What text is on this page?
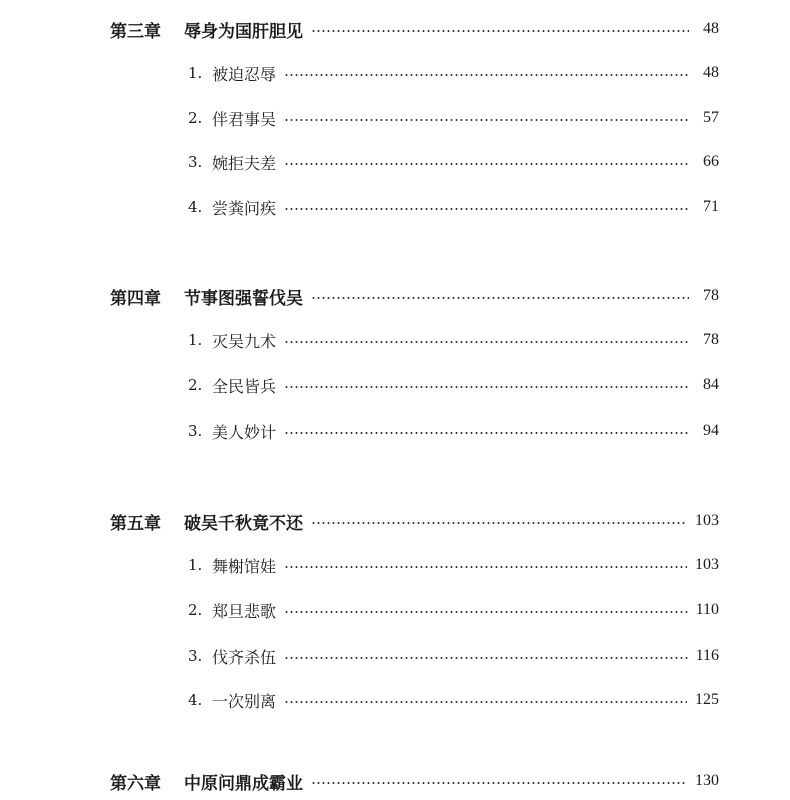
第三章	辱身为国肝胆见	48
1. 被迫忍辱	48
2. 伴君事吴	57
3. 婉拒夫差	66
4. 尝粪问疾	71
第四章	节事图强誓伐吴	78
1. 灭吴九术	78
2. 全民皆兵	84
3. 美人妙计	94
第五章	破吴千秋竟不还	103
1. 舞榭馆娃	103
2. 郑旦悲歌	110
3. 伐齐杀伍	116
4. 一次别离	125
第六章	中原问鼎成霸业	130
